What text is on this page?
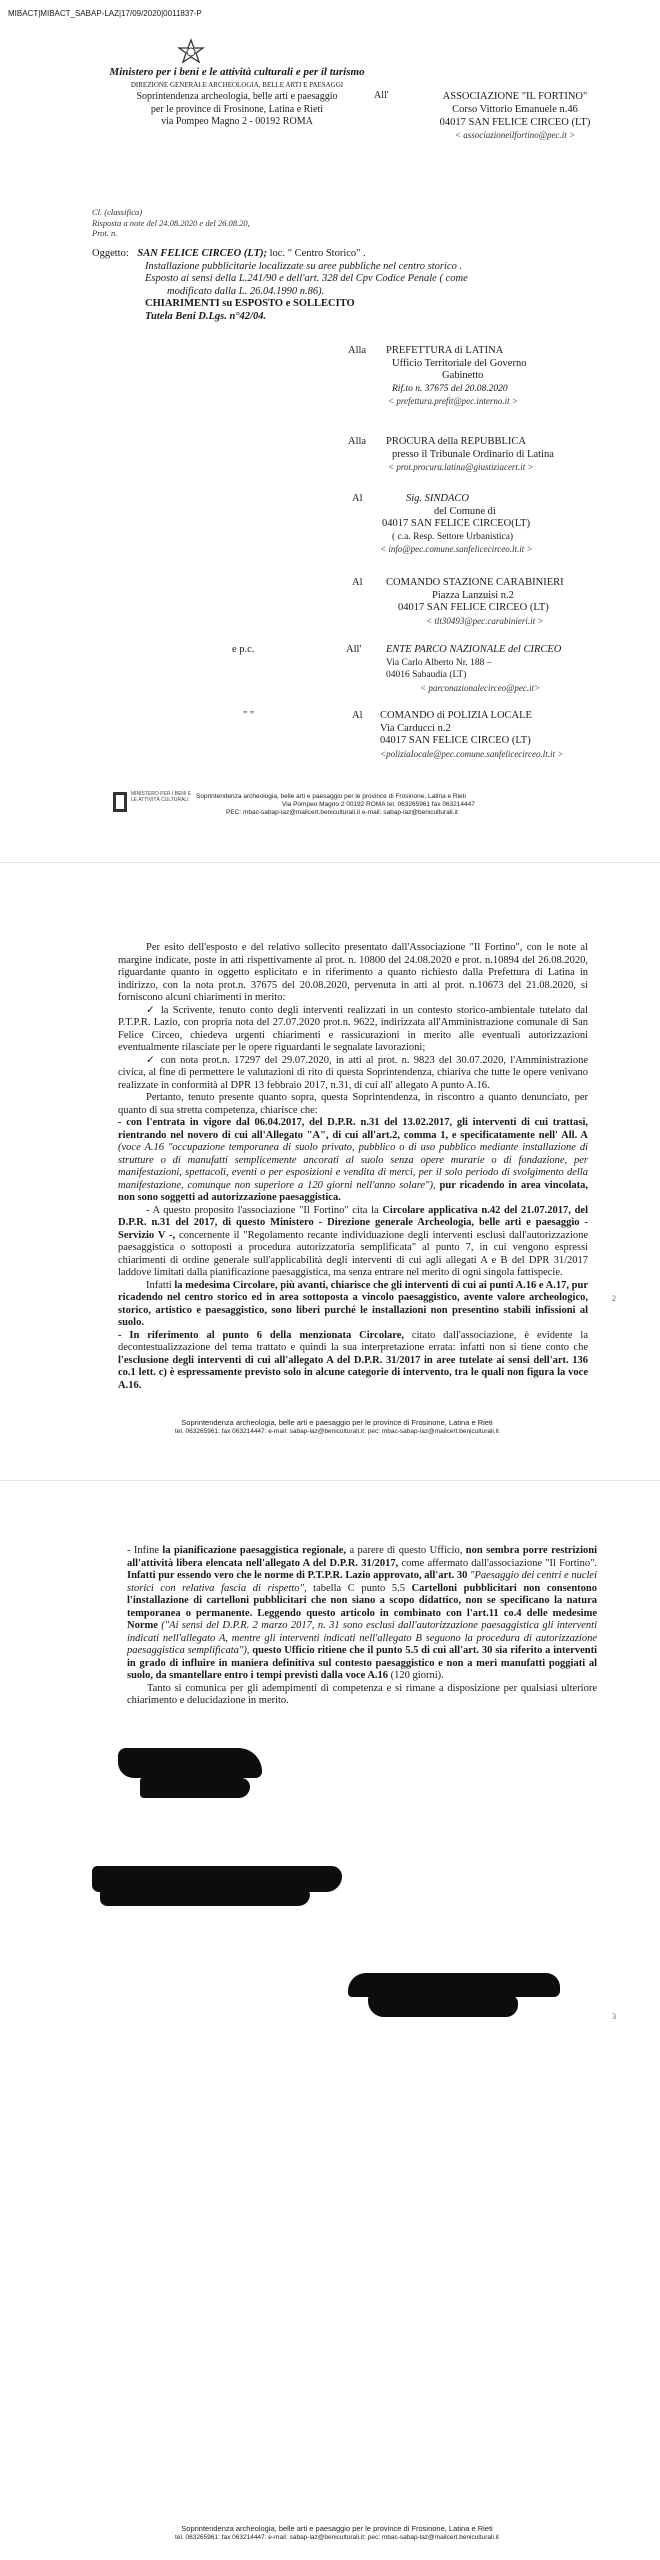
MIBACT|MIBACT_SABAP-LAZ|17/09/2020|0011837-P
Ministero per i beni e le attività culturali e per il turismo
DIREZIONE GENERALE ARCHEOLOGIA, BELLE ARTI E PAESAGGI
Soprintendenza archeologia, belle arti e paesaggio
per le province di Frosinone, Latina e Rieti
via Pompeo Magno 2 - 00192 ROMA
All'	ASSOCIAZIONE "IL FORTINO"
Corso Vittorio Emanuele n.46
04017 SAN FELICE CIRCEO (LT)
< associazioneilfortino@pec.it >
Cl. (classifica)
Risposta a note del 24.08.2020 e del 26.08.20,
Prot. n.
Oggetto: SAN FELICE CIRCEO (LT); loc. " Centro Storico" .
Installazione pubblicitarie localizzate su aree pubbliche nel centro storico .
Esposto ai sensi della L.241/90 e dell'art. 328 del Cpv Codice Penale ( come
modificato dalla L. 26.04.1990 n.86).
CHIARIMENTI su ESPOSTO e SOLLECITO
Tutela Beni D.Lgs. n°42/04.
Alla PREFETTURA di LATINA
Ufficio Territoriale del Governo
Gabinetto
Rif.to n. 37675 del 20.08.2020
< prefettura.prefit@pec.interno.it >
Alla PROCURA della REPUBBLICA
presso il Tribunale Ordinario di Latina
< prot.procura.latina@giustiziacert.it >
Al	Sig. SINDACO
del Comune di
04017 SAN FELICE CIRCEO(LT)
( c.a. Resp. Settore Urbanistica)
< info@pec.comune.sanfelicecirceo.lt.it >
Al COMANDO STAZIONE CARABINIERI
Piazza Lanzuisi n.2
04017 SAN FELICE CIRCEO (LT)
< tlt30493@pec.carabinieri.it >
e p.c.	All'	ENTE PARCO NAZIONALE del CIRCEO
Via Carlo Alberto Nr. 188 –
04016 Sabaudia (LT)
< parconazionalecirceo@pec.it>
" "	Al COMANDO di POLIZIA LOCALE
Via Carducci n.2
04017 SAN FELICE CIRCEO (LT)
<poliziaIocale@pec.comune.sanfelicecirceo.lt.it >
MINISTERO PER I BENI E LE ATTIVITÀ CULTURALI	Soprintendenza archeologia, belle arti e paesaggio per le province di Frosinone, Latina e Rieti
Via Pompeo Magno 2 00192 ROMA tel. 063265961 fax 063214447
PEC: mbac-sabap-laz@mailcert.beniculturali.it e-mail: sabap-laz@beniculturali.it

Per esito dell'esposto e del relativo sollecito presentato dall'Associazione "Il Fortino", con le note al margine indicate, poste in atti rispettivamente al prot. n. 10800 del 24.08.2020 e prot. n.10894 del 26.08.2020, riguardante quanto in oggetto esplicitato e in riferimento a quanto richiesto dalla Prefettura di Latina in indirizzo, con la nota prot.n. 37675 del 20.08.2020, pervenuta in atti al prot. n.10673 del 21.08.2020, si forniscono alcuni chiarimenti in merito:

✓ la Scrivente, tenuto conto degli interventi realizzati in un contesto storico-ambientale tutelato dal P.T.P.R. Lazio, con propria nota del 27.07.2020 prot.n. 9622, indirizzata all'Amministrazione comunale di San Felice Circeo, chiedeva urgenti chiarimenti e rassicurazioni in merito alle eventuali autorizzazioni eventualmente rilasciate per le opere riguardanti le segnalate lavorazioni;

✓ con nota prot.n. 17297 del 29.07.2020, in atti al prot. n. 9823 del 30.07.2020, l'Amministrazione civica, al fine di permettere le valutazioni di rito di questa Soprintendenza, chiariva che tutte le opere venivano realizzate in conformità al DPR 13 febbraio 2017, n.31, di cui all' allegato A punto A.16.

Pertanto, tenuto presente quanto sopra, questa Soprintendenza, in riscontro a quanto denunciato, per quanto di sua stretta competenza, chiarisce che:

- con l'entrata in vigore dal 06.04.2017, del D.P.R. n.31 del 13.02.2017, gli interventi di cui trattasi, rientrando nel novero di cui all'Allegato "A", di cui all'art.2, comma 1, e specificatamente nell' All. A (voce A.16 "occupazione temporanea di suolo privato, pubblico o di uso pubblico mediante installazione di strutture o di manufatti semplicemente ancorati al suolo senza opere murarie o di fondazione, per manifestazioni, spettacoli, eventi o per esposizioni e vendita di merci, per il solo periodo di svolgimento della manifestazione, comunque non superiore a 120 giorni nell'anno solare"), pur ricadendo in area vincolata, non sono soggetti ad autorizzazione paesaggistica.

- A questo proposito l'associazione "Il Fortino" cita la Circolare applicativa n.42 del 21.07.2017, del D.P.R. n.31 del 2017, di questo Ministero - Direzione generale Archeologia, belle arti e paesaggio - Servizio V -, concernente il "Regolamento recante individuazione degli interventi esclusi dall'autorizzazione paesaggistica o sottoposti a procedura autorizzatoria semplificata" al punto 7, in cui vengono espressi chiarimenti di ordine generale sull'applicabilità degli interventi di cui agli allegati A e B del DPR 31/2017 laddove limitati dalla pianificazione paesaggistica, ma senza entrare nel merito di ogni singola fattispecie.

Infatti la medesima Circolare, più avanti, chiarisce che gli interventi di cui ai punti A.16 e A.17, pur ricadendo nel centro storico ed in area sottoposta a vincolo paesaggistico, avente valore archeologico, storico, artistico e paesaggistico, sono liberi purché le installazioni non presentino stabili infissioni al suolo.

- In riferimento al punto 6 della menzionata Circolare, citato dall'associazione, è evidente la decontestualizzazione del tema trattato e quindi la sua interpretazione errata: infatti non si tiene conto che l'esclusione degli interventi di cui all'allegato A del D.P.R. 31/2017 in aree tutelate ai sensi dell'art. 136 co.1 lett. c) è espressamente previsto solo in alcune categorie di intervento, tra le quali non figura la voce A.16.

2
Soprintendenza archeologia, belle arti e paesaggio per le province di Frosinone, Latina e Rieti
tel. 063265961: fax 063214447: e-mail: sabap-laz@beniculturali.it: pec: mbac-sabap-laz@mailcert.beniculturali.it

- Infine la pianificazione paesaggistica regionale, a parere di questo Ufficio, non sembra porre restrizioni all'attività libera elencata nell'allegato A del D.P.R. 31/2017, come affermato dall'associazione "Il Fortino". Infatti pur essendo vero che le norme di P.T.P.R. Lazio approvato, all'art. 30 "Paesaggio dei centri e nuclei storici con relativa fascia di rispetto", tabella C punto 5.5 Cartelloni pubblicitari non consentono l'installazione di cartelloni pubblicitari che non siano a scopo didattico, non se specificano la natura temporanea o permanente. Leggendo questo articolo in combinato con l'art.11 co.4 delle medesime Norme ("Ai sensi del D.P.R. 2 marzo 2017, n. 31 sono esclusi dall'autorizzazione paesaggistica gli interventi indicati nell'allegato A, mentre gli interventi indicati nell'allegato B seguono la procedura di autorizzazione paesaggistica semplificata"), questo Ufficio ritiene che il punto 5.5 di cui all'art. 30 sia riferito a interventi in grado di influire in maniera definitiva sul contesto paesaggistico e non a meri manufatti poggiati al suolo, da smantellare entro i tempi previsti dalla voce A.16 (120 giorni).

Tanto si comunica per gli adempimenti di competenza e si rimane a disposizione per qualsiasi ulteriore chiarimento e delucidazione in merito.

3
Soprintendenza archeologia, belle arti e paesaggio per le province di Frosinone, Latina e Rieti
tel. 063265961: fax 063214447: e-mail: sabap-laz@beniculturali.it: pec: mbac-sabap-laz@mailcert.beniculturali.it
